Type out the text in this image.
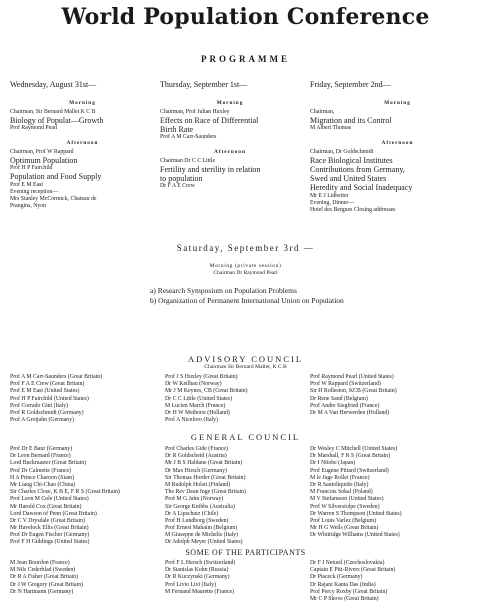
World Population Conference
PROGRAMME
Wednesday, August 31st—
Morning
Chairman, Sir Bernard Mallet K C B
Biology of Populat—Growth
Prof Raymond Pearl
Afternoon
Chairman, Prof W Rappard
Optimum Population
Prof H P Fairchild
Population and Food Supply
Prof E M East
Evening reception—
Mrs Stanley McCormick, Chateau de
Prangins, Nyon
Thursday, September 1st—
Morning
Chairman, Prof Julian Huxley
Effects on Race of Differential
Birth Rate
Prof A M Carr-Saunders
Afternoon
Chairman Dr C C Little
Fertility and sterility in relation
to population
Dr F A E Crew
Friday, September 2nd—
Morning
Chairman,
Migration and its Control
M Albert Thomas
Afternoon
Chairman, Dr Goldschmidt
Race Biological Institutes
Contributions from Germany,
Swed and United States
Heredity and Social Inadequacy
Mr E J Lidbetter
Evening, Dinner—
Hotel des Bergues Closing addresses
Saturday, September 3rd —
Morning (private session)
Chairman Dr Raymond Pearl
a) Research Symposium on Population Problems
b) Organization of Permanent International Union on Population
ADVISORY COUNCIL
Chairman Sir Bernard Mallet, K C B
Prof A M Carr-Saunders (Great Britain)
Prof F A E Crew (Great Britain)
Prof E M East (United States)
Prof H P Fairchild (United States)
Prof Corrado Gini (Italy)
Prof R Goldschmidt (Germany)
Prof A Grotjahn (Germany)
Prof J S Huxley (Great Britain)
Dr W Keilhau (Norway)
Mr J M Keynes, CB (Great Britain)
Dr C C Little (United States)
M Lucien March (France)
Dr H W Methorst (Holland)
Prof A Niceforo (Italy)
Prof Raymond Pearl (United States)
Prof W Rappard (Switzerland)
Sir H Rolleston, KCB (Great Britain)
Dr Rene Sand (Belgium)
Prof Andre Siegfried (France)
Dr M A Van Herwerden (Holland)
GENERAL COUNCIL
Prof Dr E Baur (Germany)
Dr Leon Bernard (France)
Lord Buckmaster (Great Britain)
Prof Dr Calmette (France)
H A Prince Charoon (Siam)
Mr Liang Chi-Chao (China)
Sir Charles Close, K B E, F R S (Great Britain)
Prof Leon M Cole (United States)
Mr Harold Cox (Great Britain)
Lord Dawson of Penn (Great Britain)
Dr C V Drysdale (Great Britain)
Mr Havelock Ellis (Great Britain)
Prof Dr Eugen Fischer (Germany)
Prof F H Giddings (United States)
Prof Charles Gide (France)
Dr R Goldscheid (Austria)
Mr J B S Haldane (Great Britain)
Dr Max Hirsch (Germany)
Sir Thomas Horder (Great Britain)
M Rudolph Holsti (Finland)
The Rev Dean Inge (Great Britain)
Prof M G Jahn (Norway)
Sir George Knibbs (Australia)
Dr A Lipschutz (Chile)
Prof H Lundborg (Sweden)
Prof Ernest Mahaim (Belgium)
M Giuseppe de Michelis (Italy)
Dr Adolph Meyer (United States)
Dr Wesley C Mitchell (United States)
Dr Marshall, F R S (Great Britain)
Dr I Nitobe (Japan)
Prof Eugene Pittard (Switzerland)
M le Juge Rollet (France)
Dr R Santoliquido (Italy)
M Francois Sokal (Poland)
M V Stefansson (United States)
Prof W Silverstolpe (Sweden)
Dr Warren S Thompson (United States)
Prof Louis Varlez (Belgium)
Mr H G Wells (Great Britain)
Dr Whitridge Williams (United States)
SOME OF THE PARTICIPANTS
M Jean Bourdon (France)
M Nils Cederblad (Sweden)
Dr R A Fisher (Great Britain)
Dr J W Gregory (Great Britain)
Dr N Hartmann (Germany)
Prof F L Hersch (Switzerland)
Dr Stanislas Kohn (Russia)
Dr R Kuczynski (Germany)
Prof Livio Livi (Italy)
M Fernand Maurette (France)
Dr F I Netusil (Czechoslovakia)
Captain E Pitt-Rivers (Great Britain)
Dr Piaceck (Germany)
Dr Rajani Kanta Das (India)
Prof Percy Roxby (Great Britain)
Mr C P Shove (Great Britain)
